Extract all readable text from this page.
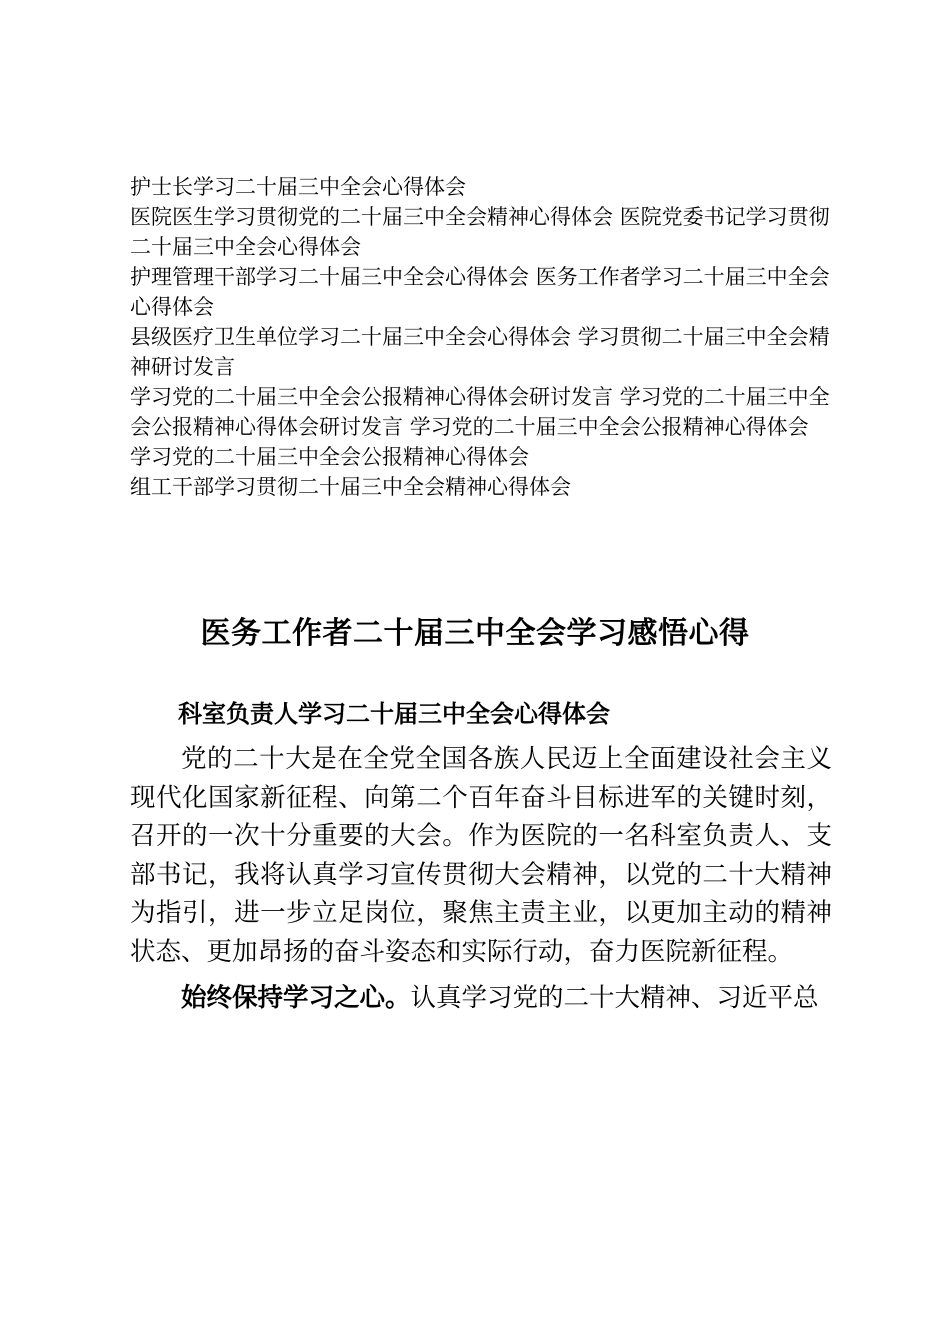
护士长学习二十届三中全会心得体会
医院医生学习贯彻党的二十届三中全会精神心得体会 医院党委书记学习贯彻二十届三中全会心得体会
护理管理干部学习二十届三中全会心得体会 医务工作者学习二十届三中全会心得体会
县级医疗卫生单位学习二十届三中全会心得体会 学习贯彻二十届三中全会精神研讨发言
学习党的二十届三中全会公报精神心得体会研讨发言 学习党的二十届三中全会公报精神心得体会研讨发言 学习党的二十届三中全会公报精神心得体会
学习党的二十届三中全会公报精神心得体会
组工干部学习贯彻二十届三中全会精神心得体会
医务工作者二十届三中全会学习感悟心得
科室负责人学习二十届三中全会心得体会

党的二十大是在全党全国各族人民迈上全面建设社会主义现代化国家新征程、向第二个百年奋斗目标进军的关键时刻，召开的一次十分重要的大会。作为医院的一名科室负责人、支部书记，我将认真学习宣传贯彻大会精神，以党的二十大精神为指引，进一步立足岗位，聚焦主责主业，以更加主动的精神状态、更加昂扬的奋斗姿态和实际行动，奋力医院新征程。

始终保持学习之心。认真学习党的二十大精神、习近平总
